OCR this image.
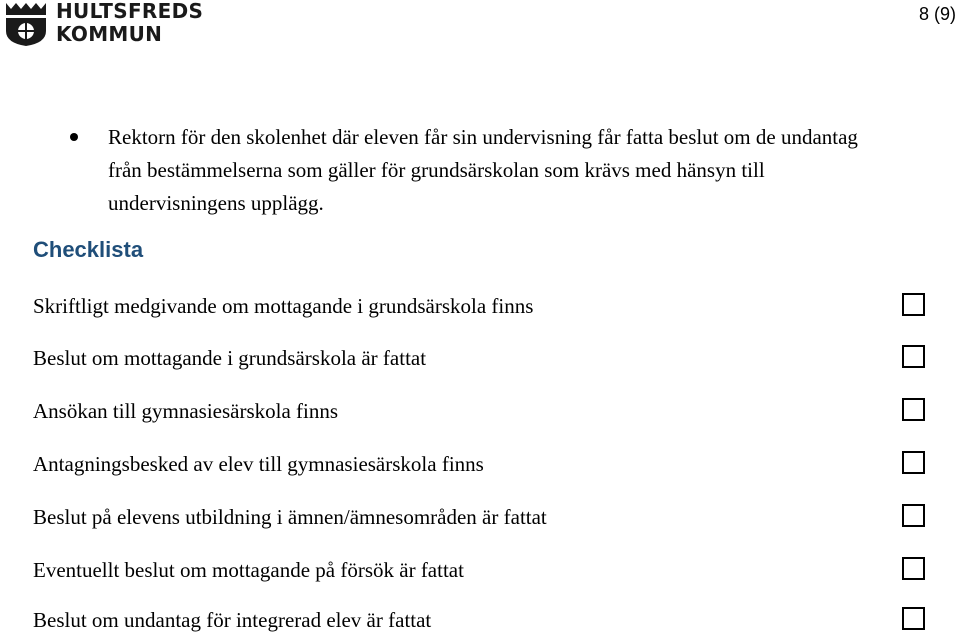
HULTSFREDS
KOMMUN
8 (9)
Rektorn för den skolenhet där eleven får sin undervisning får fatta beslut om de undantag från bestämmelserna som gäller för grundsärskolan som krävs med hänsyn till undervisningens upplägg.
Checklista
Skriftligt medgivande om mottagande i grundsärskola finns
Beslut om mottagande i grundsärskola är fattat
Ansökan till gymnasiesärskola finns
Antagningsbesked av elev till gymnasiesärskola finns
Beslut på elevens utbildning i ämnen/ämnesområden är fattat
Eventuellt beslut om mottagande på försök är fattat
Beslut om undantag för integrerad elev är fattat
